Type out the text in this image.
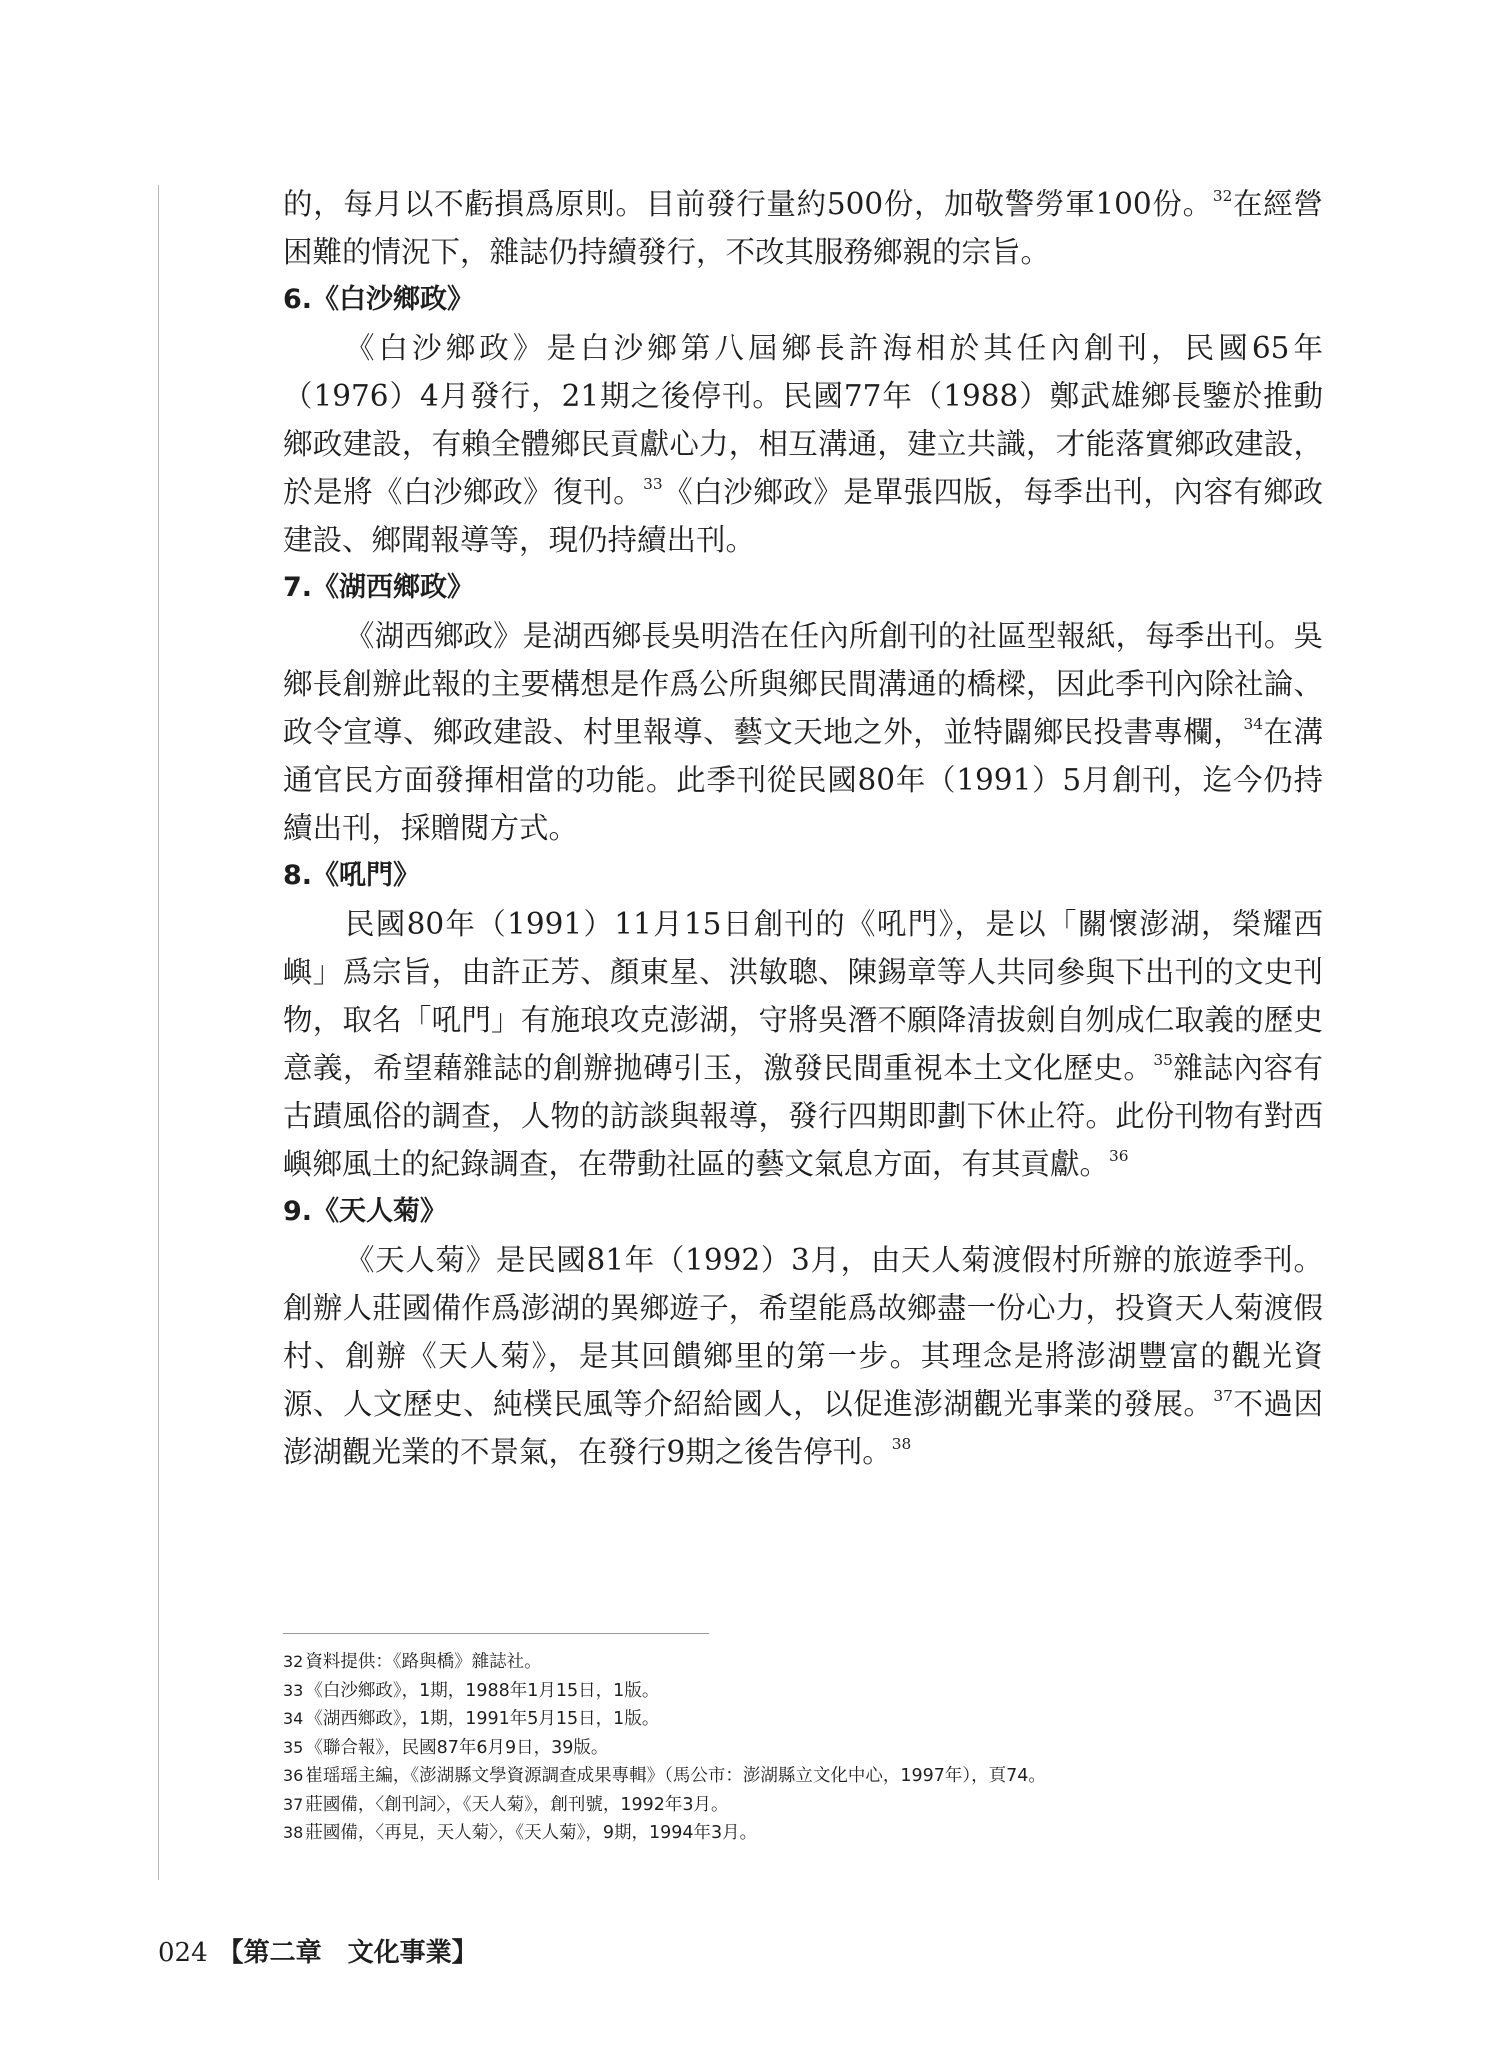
的，每月以不虧損爲原則。目前發行量約500份，加敬警勞軍100份。$^{32}$在經營困難的情況下，雜誌仍持續發行，不改其服務鄉親的宗旨。

6.《白沙鄉政》

《白沙鄉政》是白沙鄉第八屆鄉長許海相於其任內創刊，民國65年（1976）4月發行，21期之後停刊。民國77年（1988）鄭武雄鄉長鑒於推動鄉政建設，有賴全體鄉民貢獻心力，相互溝通，建立共識，才能落實鄉政建設，於是將《白沙鄉政》復刊。$^{33}$《白沙鄉政》是單張四版，每季出刊，內容有鄉政建設、鄉聞報導等，現仍持續出刊。

7.《湖西鄉政》

《湖西鄉政》是湖西鄉長吳明浩在任內所創刊的社區型報紙，每季出刊。吳鄉長創辦此報的主要構想是作爲公所與鄉民間溝通的橋樑，因此季刊內除社論、政令宣導、鄉政建設、村里報導、藝文天地之外，並特闢鄉民投書專欄，$^{34}$在溝通官民方面發揮相當的功能。此季刊從民國80年（1991）5月創刊，迄今仍持續出刊，採贈閱方式。

8.《吼門》

民國80年（1991）11月15日創刊的《吼門》，是以「關懷澎湖，榮耀西嶼」爲宗旨，由許正芳、顏東星、洪敏聰、陳錫章等人共同參與下出刊的文史刊物，取名「吼門」有施琅攻克澎湖，守將吳潛不願降清拔劍自刎成仁取義的歷史意義，希望藉雜誌的創辦拋磚引玉，激發民間重視本土文化歷史。$^{35}$雜誌內容有古蹟風俗的調查，人物的訪談與報導，發行四期即劃下休止符。此份刊物有對西嶼鄉風土的紀錄調查，在帶動社區的藝文氣息方面，有其貢獻。$^{36}$

9.《天人菊》

《天人菊》是民國81年（1992）3月，由天人菊渡假村所辦的旅遊季刊。創辦人莊國備作爲澎湖的異鄉遊子，希望能爲故鄉盡一份心力，投資天人菊渡假村、創辦《天人菊》，是其回饋鄉里的第一步。其理念是將澎湖豐富的觀光資源、人文歷史、純樸民風等介紹給國人，以促進澎湖觀光事業的發展。$^{37}$不過因澎湖觀光業的不景氣，在發行9期之後告停刊。$^{38}$

32 資料提供：《路與橋》雜誌社。
33 《白沙鄉政》，1期，1988年1月15日，1版。
34 《湖西鄉政》，1期，1991年5月15日，1版。
35 《聯合報》，民國87年6月9日，39版。
36 崔瑶瑶主編，《澎湖縣文學資源調查成果專輯》（馬公市：澎湖縣立文化中心，1997年），頁74。
37 莊國備，〈創刊詞〉，《天人菊》，創刊號，1992年3月。
38 莊國備，〈再見，天人菊〉，《天人菊》，9期，1994年3月。
024 【第二章　文化事業】
